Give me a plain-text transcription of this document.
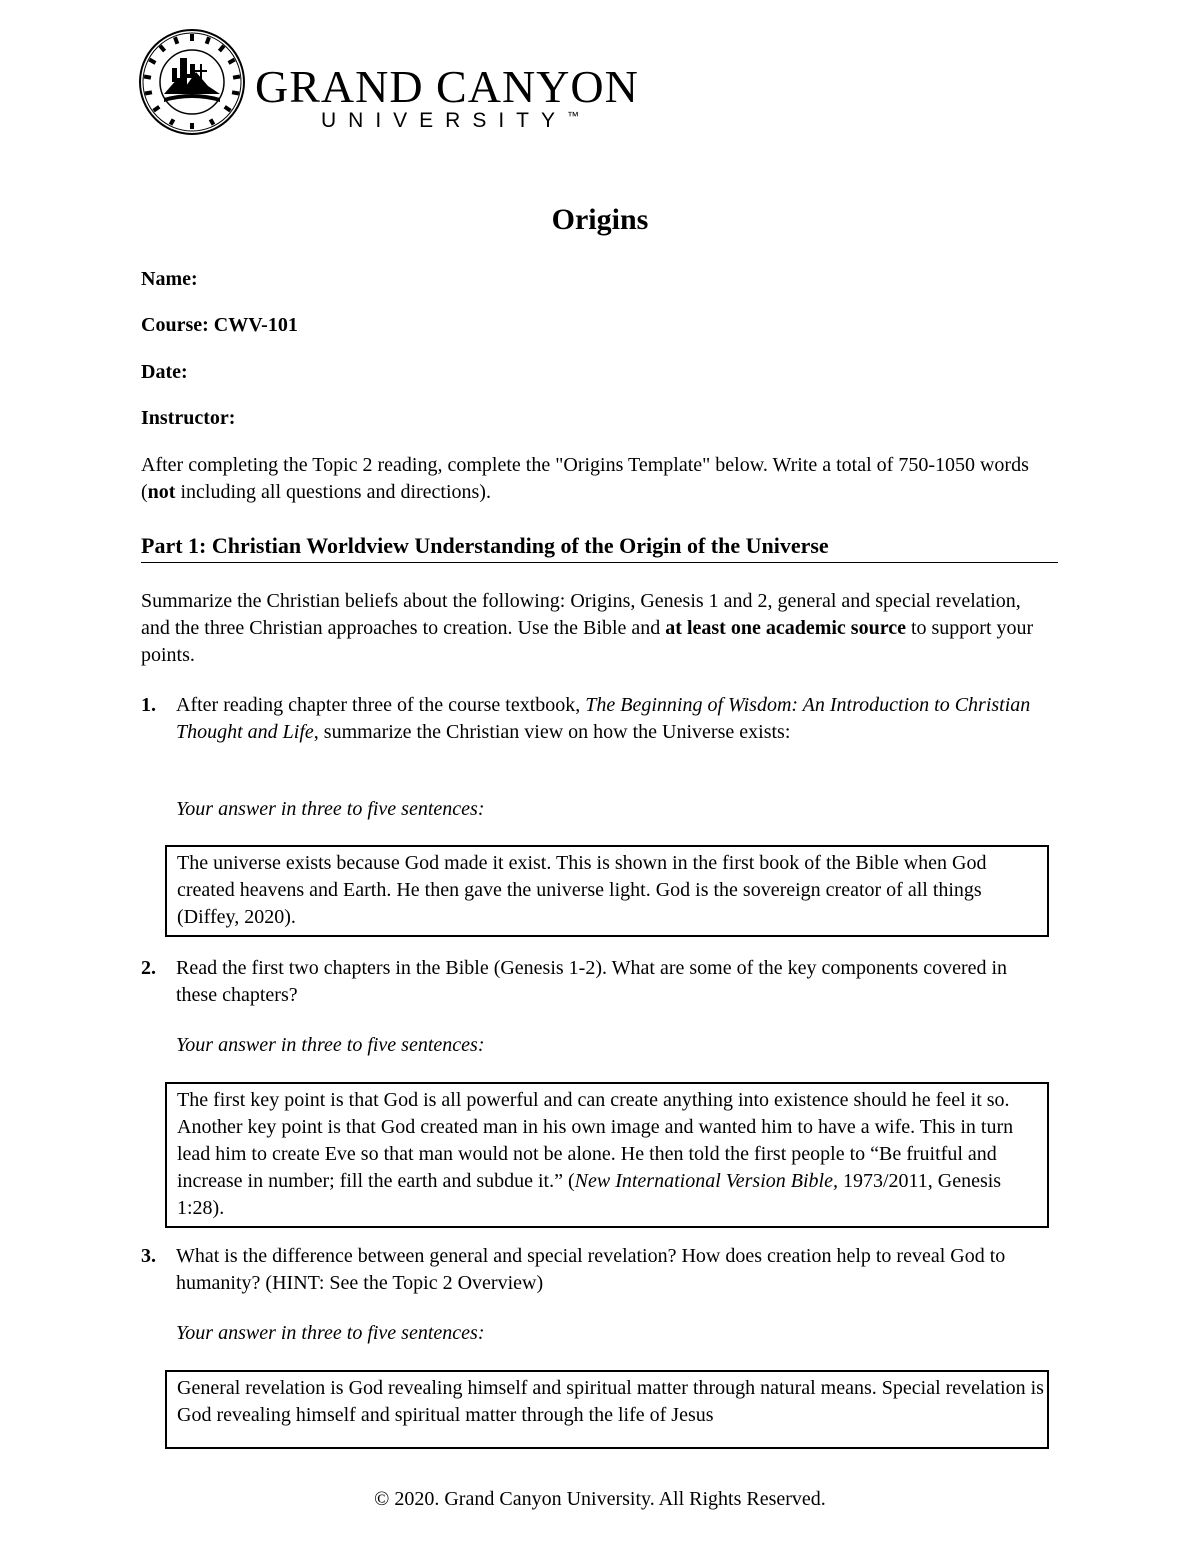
GRAND CANYON
UNIVERSITY™
Origins
Name:
Course: CWV-101
Date:
Instructor:
After completing the Topic 2 reading, complete the "Origins Template" below. Write a total of 750-1050 words (not including all questions and directions).
Part 1: Christian Worldview Understanding of the Origin of the Universe
Summarize the Christian beliefs about the following: Origins, Genesis 1 and 2, general and special revelation, and the three Christian approaches to creation. Use the Bible and at least one academic source to support your points.
1. After reading chapter three of the course textbook, The Beginning of Wisdom: An Introduction to Christian Thought and Life, summarize the Christian view on how the Universe exists:
Your answer in three to five sentences:
The universe exists because God made it exist. This is shown in the first book of the Bible when God created heavens and Earth. He then gave the universe light. God is the sovereign creator of all things (Diffey, 2020).
2. Read the first two chapters in the Bible (Genesis 1-2). What are some of the key components covered in these chapters?
Your answer in three to five sentences:
The first key point is that God is all powerful and can create anything into existence should he feel it so. Another key point is that God created man in his own image and wanted him to have a wife. This in turn lead him to create Eve so that man would not be alone. He then told the first people to “Be fruitful and increase in number; fill the earth and subdue it.” (New International Version Bible, 1973/2011, Genesis 1:28).
3. What is the difference between general and special revelation? How does creation help to reveal God to humanity? (HINT: See the Topic 2 Overview)
Your answer in three to five sentences:
General revelation is God revealing himself and spiritual matter through natural means. Special revelation is God revealing himself and spiritual matter through the life of Jesus
© 2020. Grand Canyon University. All Rights Reserved.
